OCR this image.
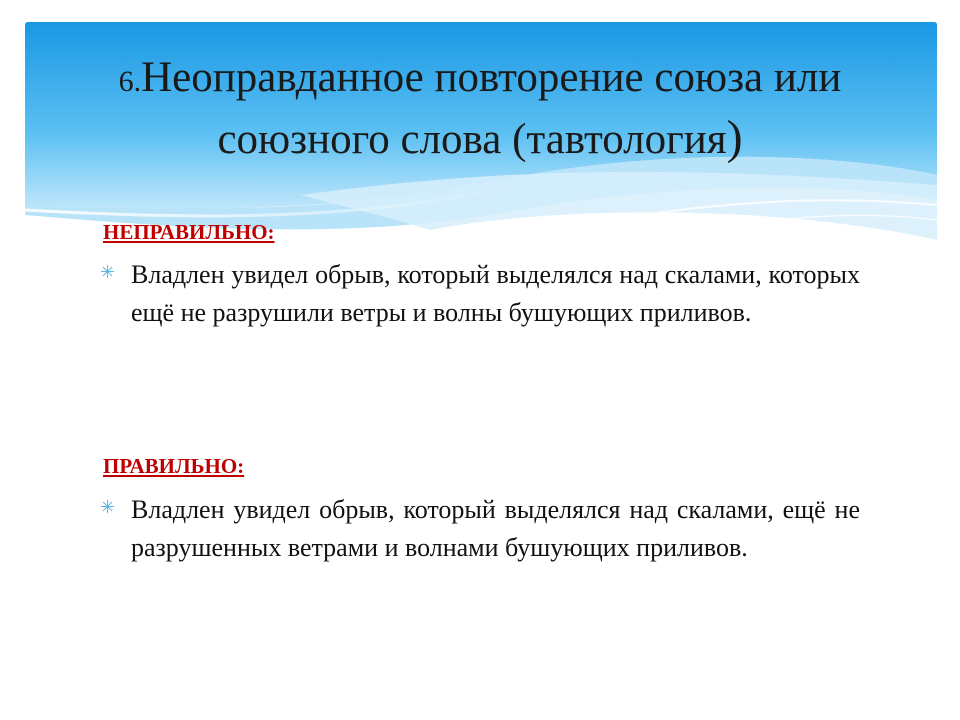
6.Неоправданное повторение союза или
союзного слова (тавтология)
НЕПРАВИЛЬНО:
✳ Владлен увидел обрыв, который выделялся над скалами, которых ещё не разрушили ветры и волны бушующих приливов.
ПРАВИЛЬНО:
✳ Владлен увидел обрыв, который выделялся над скалами, ещё не разрушенных ветрами и волнами бушующих приливов.
